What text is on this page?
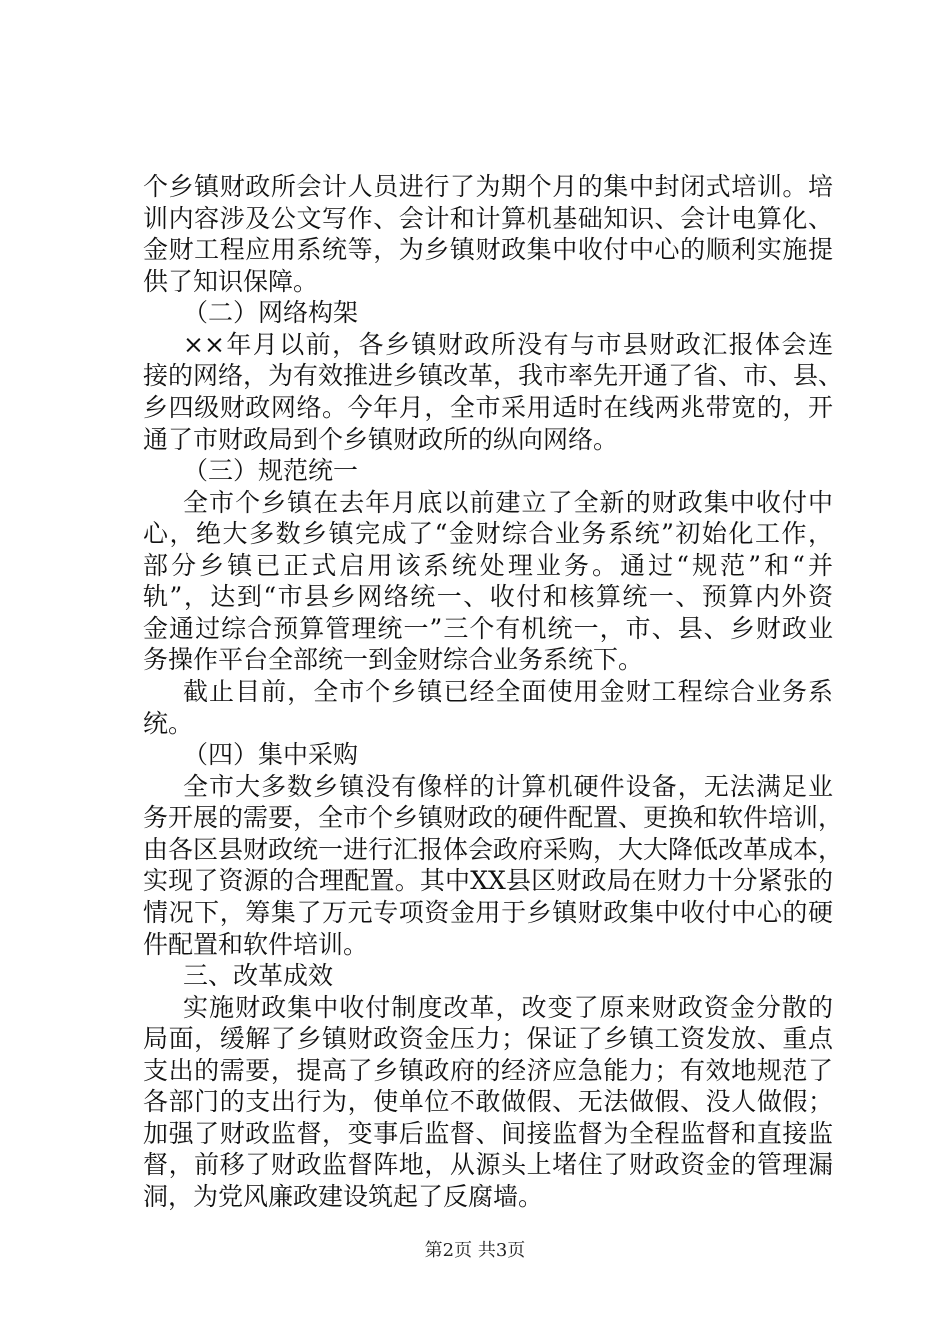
个乡镇财政所会计人员进行了为期个月的集中封闭式培训。培
训内容涉及公文写作、会计和计算机基础知识、会计电算化、
金财工程应用系统等，为乡镇财政集中收付中心的顺利实施提
供了知识保障。
（二）网络构架
××年月以前，各乡镇财政所没有与市县财政汇报体会连
接的网络，为有效推进乡镇改革，我市率先开通了省、市、县、
乡四级财政网络。今年月，全市采用适时在线两兆带宽的，开
通了市财政局到个乡镇财政所的纵向网络。
（三）规范统一
全市个乡镇在去年月底以前建立了全新的财政集中收付中
心，绝大多数乡镇完成了“金财综合业务系统”初始化工作，
部分乡镇已正式启用该系统处理业务。通过“规范”和“并
轨”，达到“市县乡网络统一、收付和核算统一、预算内外资
金通过综合预算管理统一”三个有机统一，市、县、乡财政业
务操作平台全部统一到金财综合业务系统下。
截止目前，全市个乡镇已经全面使用金财工程综合业务系
统。
（四）集中采购
全市大多数乡镇没有像样的计算机硬件设备，无法满足业
务开展的需要，全市个乡镇财政的硬件配置、更换和软件培训，
由各区县财政统一进行汇报体会政府采购，大大降低改革成本，
实现了资源的合理配置。其中XX县区财政局在财力十分紧张的
情况下，筹集了万元专项资金用于乡镇财政集中收付中心的硬
件配置和软件培训。
三、改革成效
实施财政集中收付制度改革，改变了原来财政资金分散的
局面，缓解了乡镇财政资金压力；保证了乡镇工资发放、重点
支出的需要，提高了乡镇政府的经济应急能力；有效地规范了
各部门的支出行为，使单位不敢做假、无法做假、没人做假；
加强了财政监督，变事后监督、间接监督为全程监督和直接监
督，前移了财政监督阵地，从源头上堵住了财政资金的管理漏
洞，为党风廉政建设筑起了反腐墙。
第2页 共3页
